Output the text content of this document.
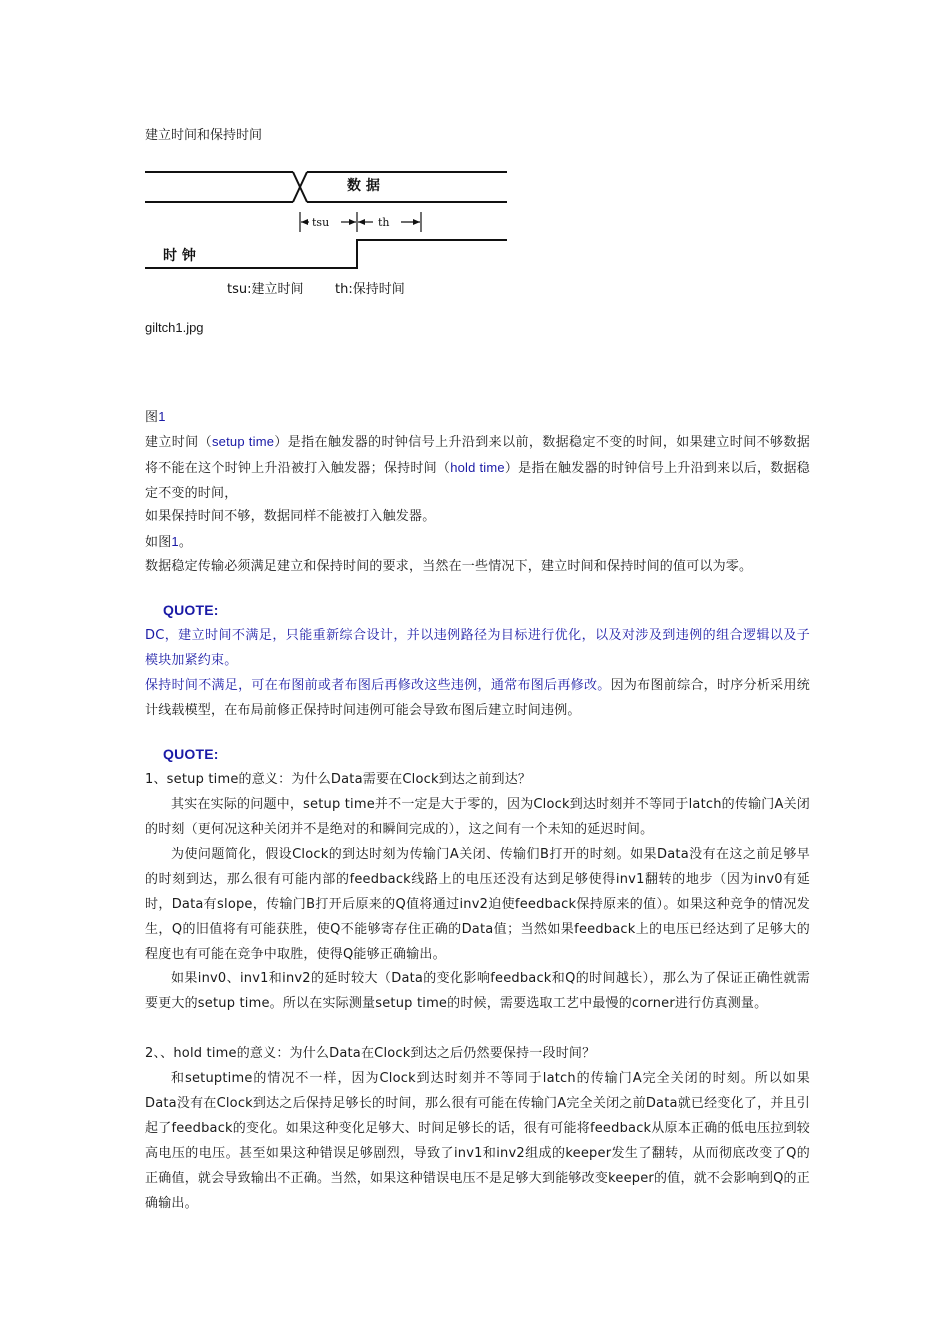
建立时间和保持时间
数 据
时 钟
tsu	th
tsu:建立时间 th:保持时间
giltch1.jpg

图1

建立时间（setup time）是指在触发器的时钟信号上升沿到来以前，数据稳定不变的时间，如果建立时间不够数据将不能在这个时钟上升沿被打入触发器；保持时间（hold time）是指在触发器的时钟信号上升沿到来以后，数据稳定不变的时间，

如果保持时间不够，数据同样不能被打入触发器。

如图1。

数据稳定传输必须满足建立和保持时间的要求，当然在一些情况下，建立时间和保持时间的值可以为零。

QUOTE:

DC，建立时间不满足，只能重新综合设计，并以违例路径为目标进行优化，以及对涉及到违例的组合逻辑以及子模块加紧约束。

保持时间不满足，可在布图前或者布图后再修改这些违例，通常布图后再修改。因为布图前综合，时序分析采用统计线载模型，在布局前修正保持时间违例可能会导致布图后建立时间违例。

QUOTE:

1、setup time的意义：为什么Data需要在Clock到达之前到达？

其实在实际的问题中，setup time并不一定是大于零的，因为Clock到达时刻并不等同于latch的传输门A关闭的时刻（更何况这种关闭并不是绝对的和瞬间完成的），这之间有一个未知的延迟时间。

为使问题简化，假设Clock的到达时刻为传输门A关闭、传输们B打开的时刻。如果Data没有在这之前足够早的时刻到达，那么很有可能内部的feedback线路上的电压还没有达到足够使得inv1翻转的地步（因为inv0有延时，Data有slope，传输门B打开后原来的Q值将通过inv2迫使feedback保持原来的值）。如果这种竞争的情况发生，Q的旧值将有可能获胜，使Q不能够寄存住正确的Data值；当然如果feedback上的电压已经达到了足够大的程度也有可能在竞争中取胜，使得Q能够正确输出。

如果inv0、inv1和inv2的延时较大（Data的变化影响feedback和Q的时间越长），那么为了保证正确性就需要更大的setup time。所以在实际测量setup time的时候，需要选取工艺中最慢的corner进行仿真测量。

2、、hold time的意义：为什么Data在Clock到达之后仍然要保持一段时间？

和setuptime的情况不一样，因为Clock到达时刻并不等同于latch的传输门A完全关闭的时刻。所以如果Data没有在Clock到达之后保持足够长的时间，那么很有可能在传输门A完全关闭之前Data就已经变化了，并且引起了feedback的变化。如果这种变化足够大、时间足够长的话，很有可能将feedback从原本正确的低电压拉到较高电压的电压。甚至如果这种错误足够剧烈，导致了inv1和inv2组成的keeper发生了翻转，从而彻底改变了Q的正确值，就会导致输出不正确。当然，如果这种错误电压不是足够大到能够改变keeper的值，就不会影响到Q的正确输出。
